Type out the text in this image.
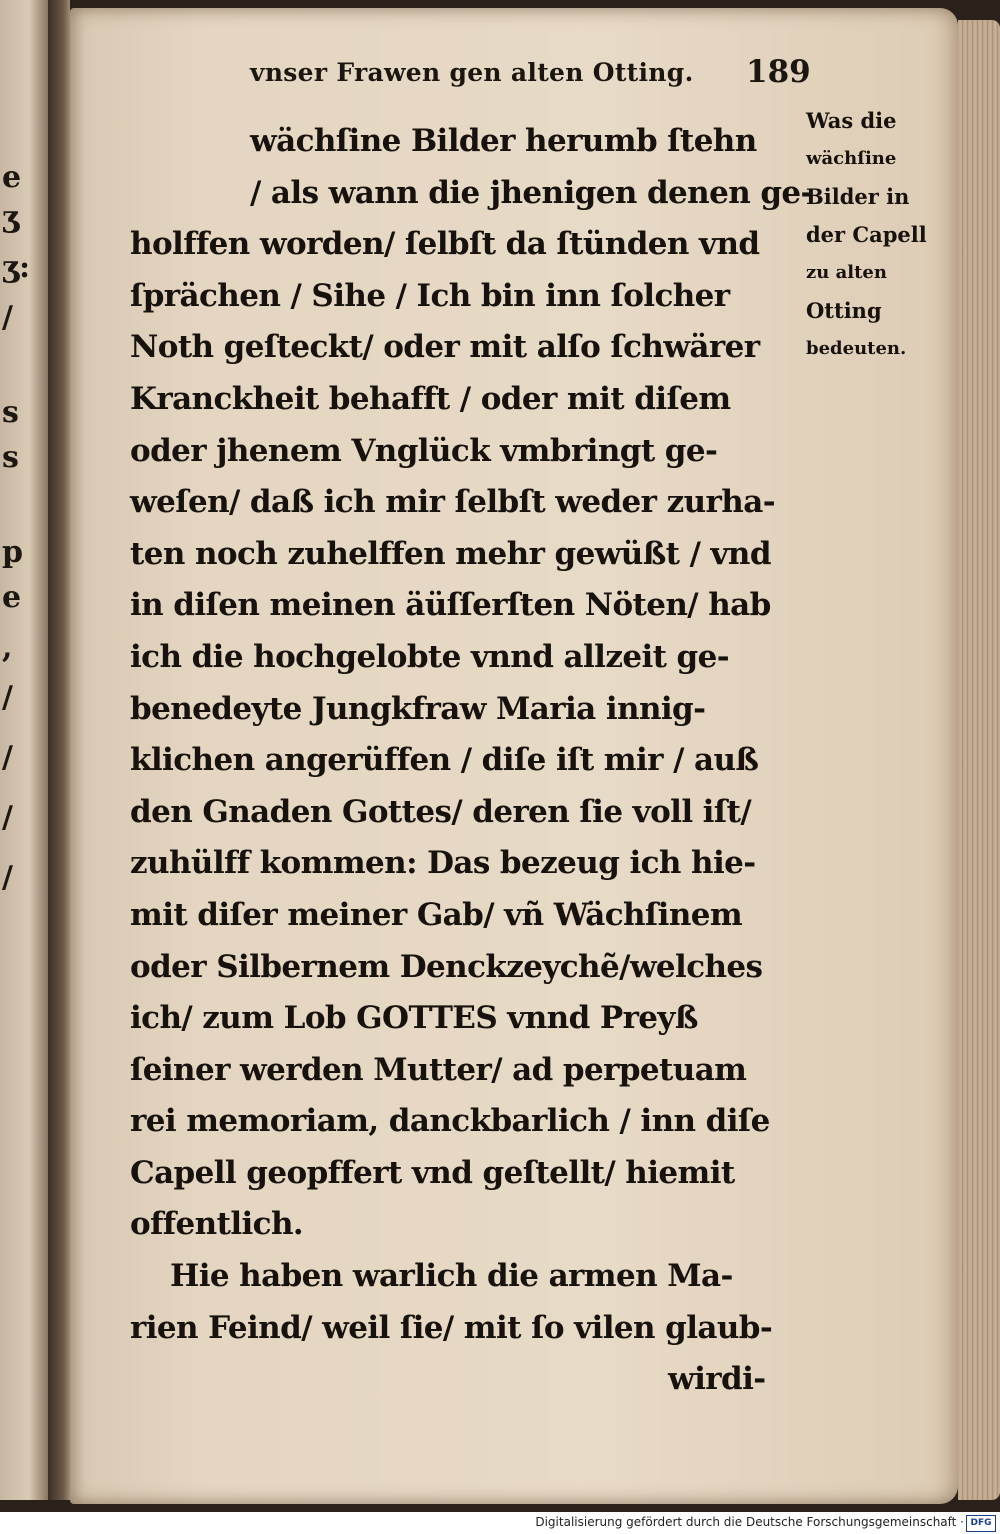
e
ʒ
ʒ:
/
s
s
p
e
,
/
/
/
/
vnser Frawen gen alten Otting. 189
wächſine Bilder herumb ſtehn
/ als wann die jhenigen denen ge-
holffen worden/ ſelbſt da ſtünden vnd
ſprächen / Sihe / Ich bin inn ſolcher
Noth geſteckt/ oder mit alſo ſchwärer
Kranckheit behafft / oder mit diſem
oder jhenem Vnglück vmbringt ge-
weſen/ daß ich mir ſelbſt weder zurha-
ten noch zuhelffen mehr gewüßt / vnd
in diſen meinen äüſſerſten Nöten/ hab
ich die hochgelobte vnnd allzeit ge-
benedeyte Jungkfraw Maria innig-
klichen angerüffen / diſe iſt mir / auß
den Gnaden Gottes/ deren ſie voll iſt/
zuhülff kommen: Das bezeug ich hie-
mit diſer meiner Gab/ vñ Wächſinem
oder Silbernem Denckzeychẽ/welches
ich/ zum Lob GOTTES vnnd Preyß
ſeiner werden Mutter/ ad perpetuam
rei memoriam, danckbarlich / inn diſe
Capell geopffert vnd geſtellt/ hiemit
offentlich.
Hie haben warlich die armen Ma-
rien Feind/ weil ſie/ mit ſo vilen glaub-
wirdi-
Was die
wächſine
Bilder in
der Capell
zu alten
Otting
bedeuten.
Digitalisierung gefördert durch die Deutsche Forschungsgemeinschaft · DFG
